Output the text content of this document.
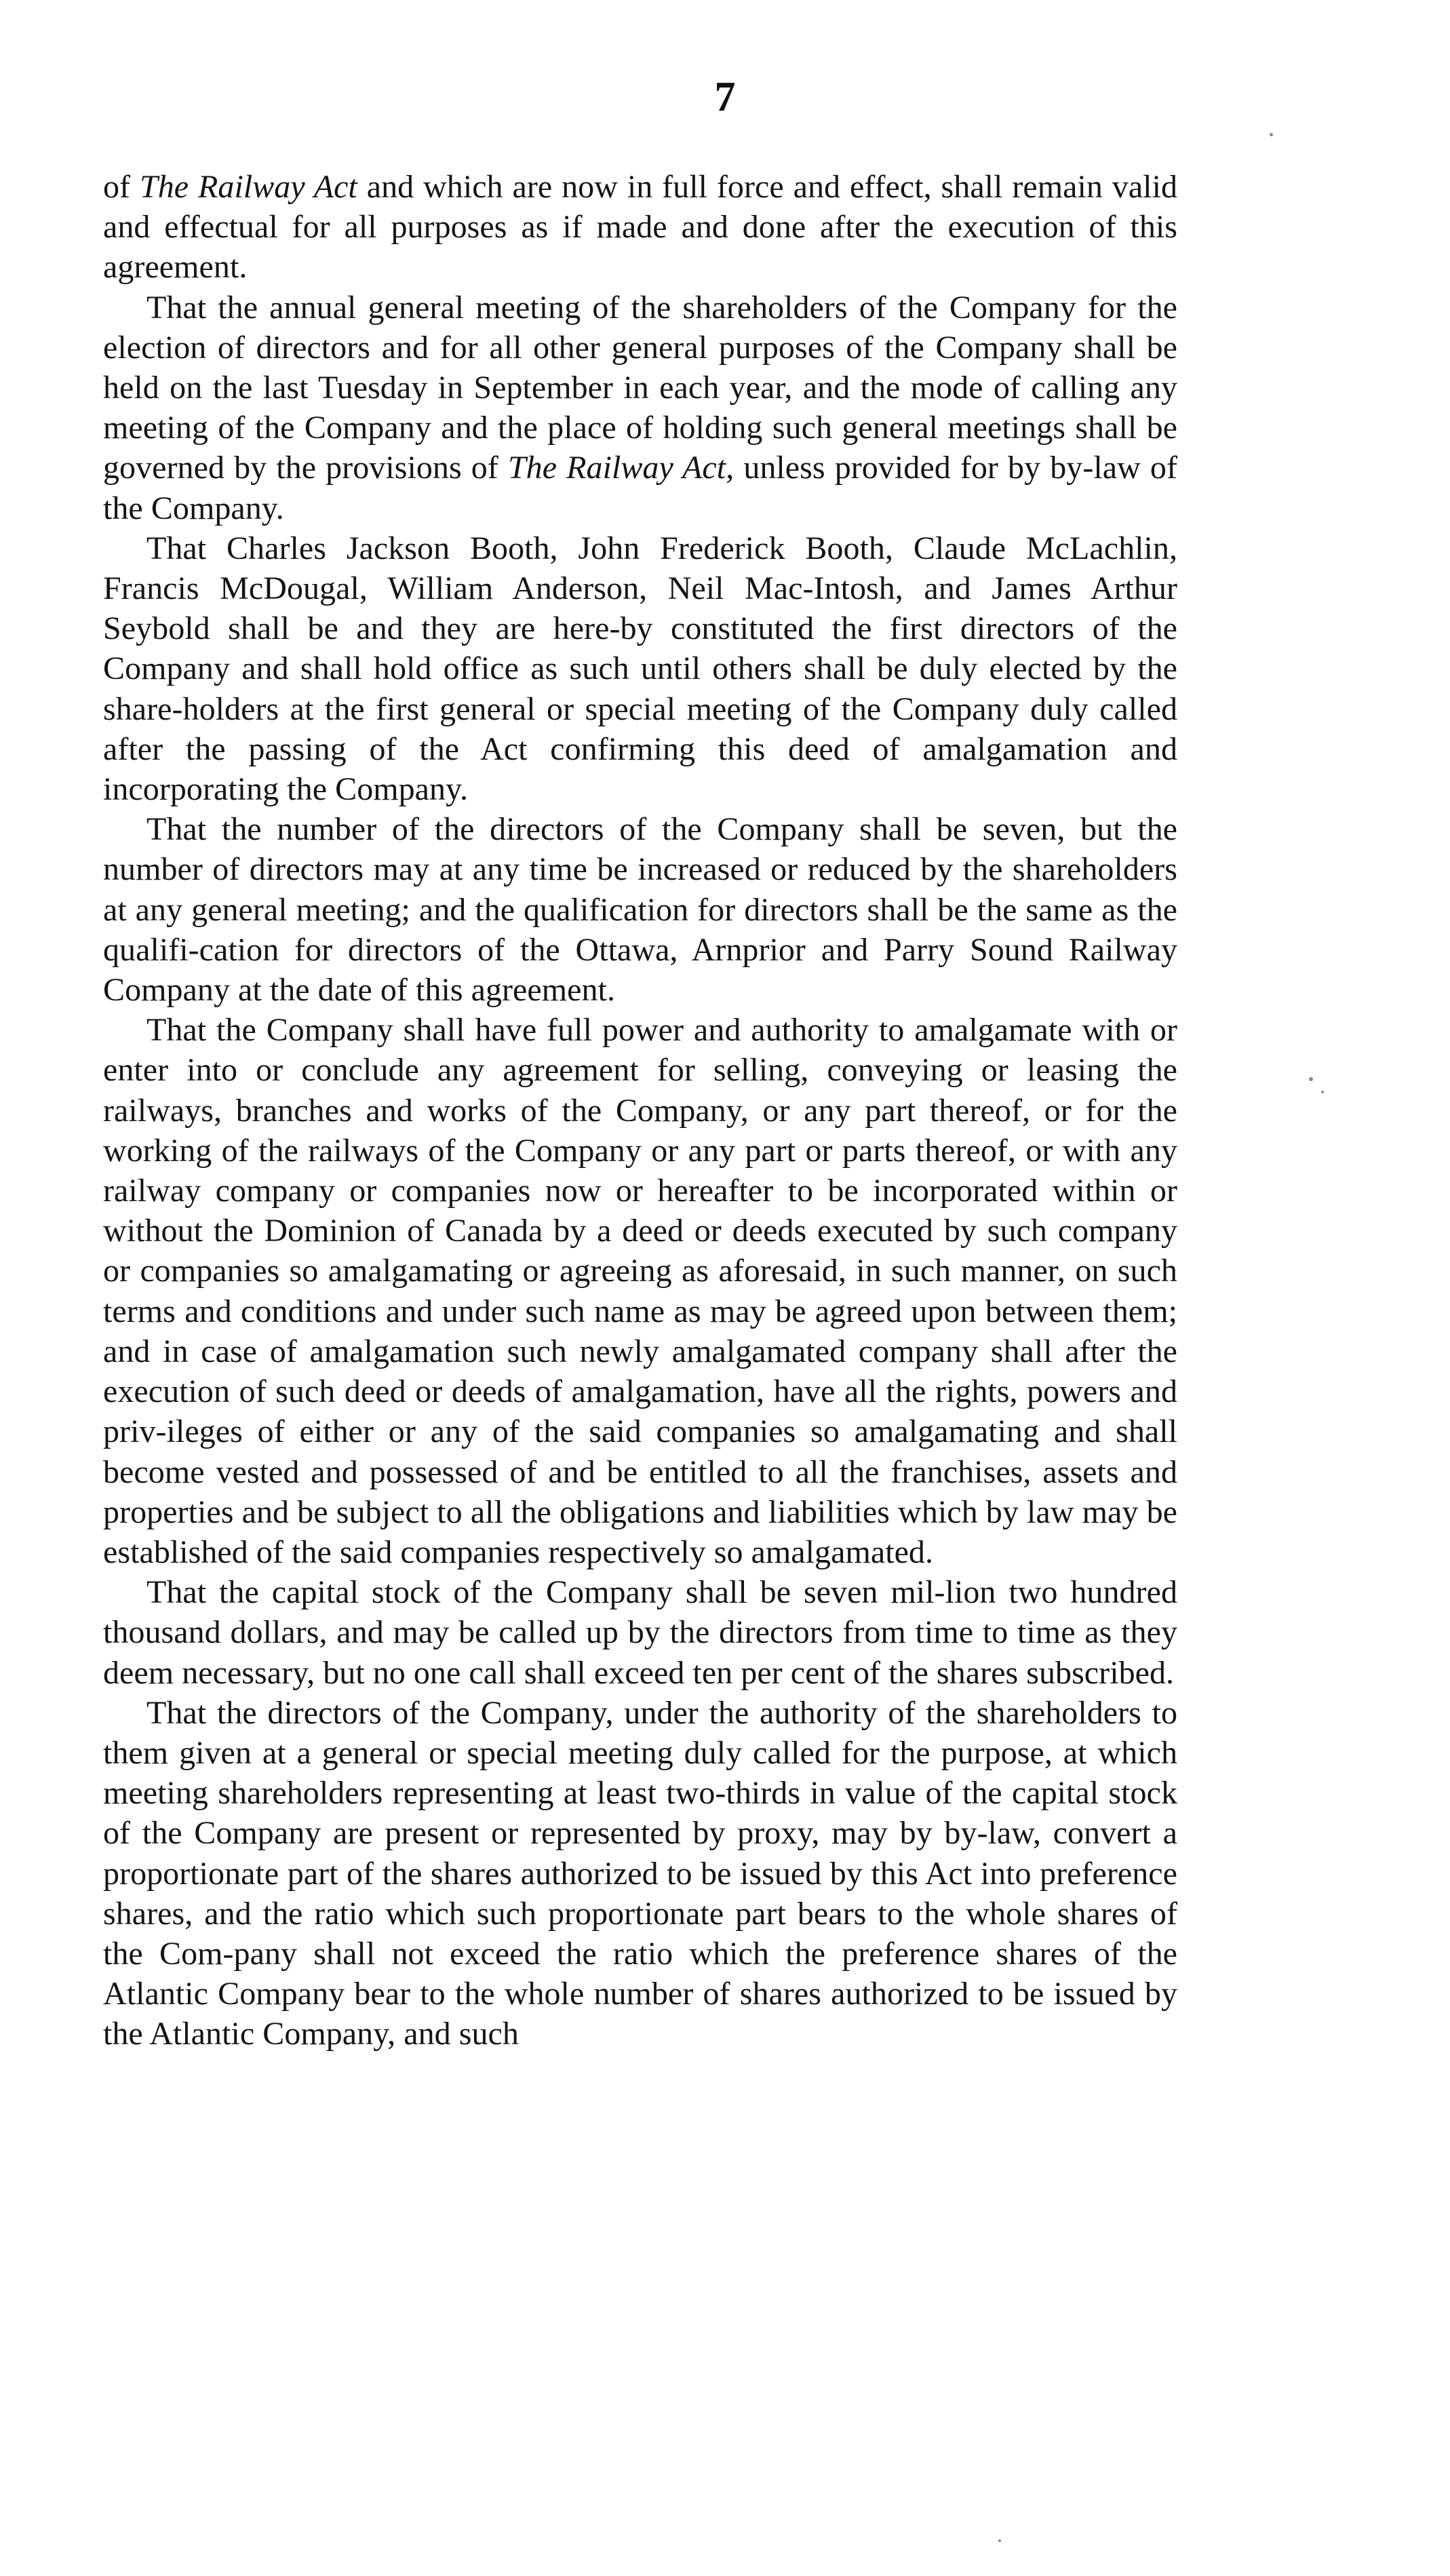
7

of The Railway Act and which are now in full force and effect, shall remain valid and effectual for all purposes as if made and done after the execution of this agreement.

That the annual general meeting of the shareholders of the Company for the election of directors and for all other general purposes of the Company shall be held on the last Tuesday in September in each year, and the mode of calling any meeting of the Company and the place of holding such general meetings shall be governed by the provisions of The Railway Act, unless provided for by by-law of the Company.

That Charles Jackson Booth, John Frederick Booth, Claude McLachlin, Francis McDougal, William Anderson, Neil Mac-Intosh, and James Arthur Seybold shall be and they are here-by constituted the first directors of the Company and shall hold office as such until others shall be duly elected by the share-holders at the first general or special meeting of the Company duly called after the passing of the Act confirming this deed of amalgamation and incorporating the Company.

That the number of the directors of the Company shall be seven, but the number of directors may at any time be increased or reduced by the shareholders at any general meeting; and the qualification for directors shall be the same as the qualifi-cation for directors of the Ottawa, Arnprior and Parry Sound Railway Company at the date of this agreement.

That the Company shall have full power and authority to amalgamate with or enter into or conclude any agreement for selling, conveying or leasing the railways, branches and works of the Company, or any part thereof, or for the working of the railways of the Company or any part or parts thereof, or with any railway company or companies now or hereafter to be incorporated within or without the Dominion of Canada by a deed or deeds executed by such company or companies so amalgamating or agreeing as aforesaid, in such manner, on such terms and conditions and under such name as may be agreed upon between them; and in case of amalgamation such newly amalgamated company shall after the execution of such deed or deeds of amalgamation, have all the rights, powers and priv-ileges of either or any of the said companies so amalgamating and shall become vested and possessed of and be entitled to all the franchises, assets and properties and be subject to all the obligations and liabilities which by law may be established of the said companies respectively so amalgamated.

That the capital stock of the Company shall be seven mil-lion two hundred thousand dollars, and may be called up by the directors from time to time as they deem necessary, but no one call shall exceed ten per cent of the shares subscribed.

That the directors of the Company, under the authority of the shareholders to them given at a general or special meeting duly called for the purpose, at which meeting shareholders representing at least two-thirds in value of the capital stock of the Company are present or represented by proxy, may by by-law, convert a proportionate part of the shares authorized to be issued by this Act into preference shares, and the ratio which such proportionate part bears to the whole shares of the Com-pany shall not exceed the ratio which the preference shares of the Atlantic Company bear to the whole number of shares authorized to be issued by the Atlantic Company, and such
